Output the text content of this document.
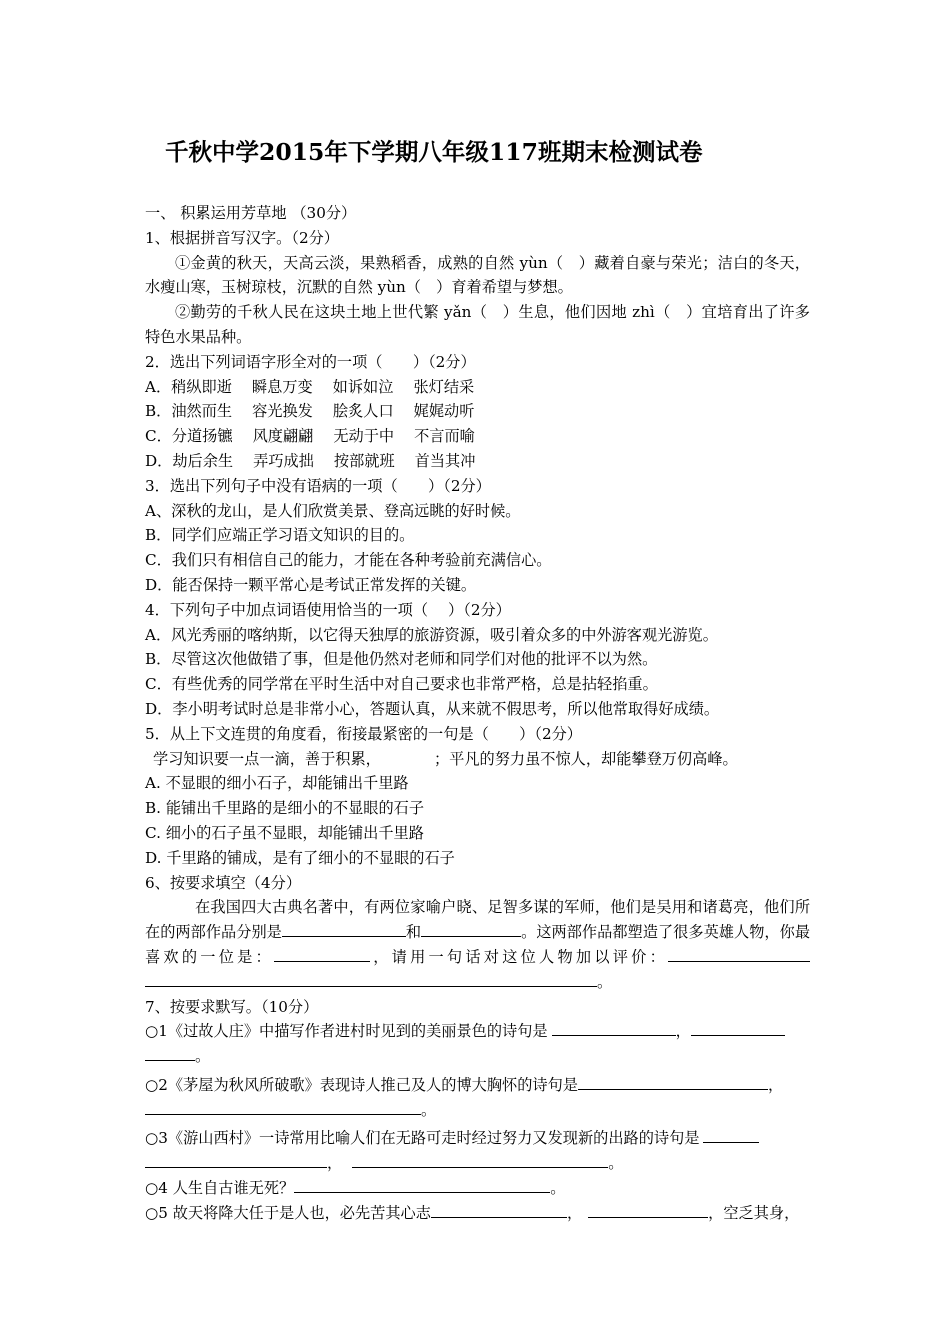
千秋中学2015年下学期八年级117班期末检测试卷
一、 积累运用芳草地 （30分）
1、根据拼音写汉字。（2分）
①金黄的秋天，天高云淡，果熟稻香，成熟的自然 yùn（　）藏着自豪与荣光；洁白的冬天，水瘦山寒，玉树琼枝，沉默的自然 yùn（　）育着希望与梦想。
②勤劳的千秋人民在这块土地上世代繁 yǎn（　）生息，他们因地 zhì（　）宜培育出了许多特色水果品种。
2．选出下列词语字形全对的一项（　　）（2分）
A．稍纵即逝　 瞬息万变　 如诉如泣　 张灯结采
B．油然而生　 容光换发　 脍炙人口　 娓娓动听
C．分道扬镳　 风度翩翩　 无动于中　 不言而喻
D．劫后余生　 弄巧成拙　 按部就班　 首当其冲
3．选出下列句子中没有语病的一项（　　）（2分）
A、深秋的龙山，是人们欣赏美景、登高远眺的好时候。
B．同学们应端正学习语文知识的目的。
C．我们只有相信自己的能力，才能在各种考验前充满信心。
D．能否保持一颗平常心是考试正常发挥的关键。
4．下列句子中加点词语使用恰当的一项（　 ）（2分）
A．风光秀丽的喀纳斯，以它得天独厚的旅游资源，吸引着众多的中外游客观光游览。
B．尽管这次他做错了事，但是他仍然对老师和同学们对他的批评不以为然。
C．有些优秀的同学常在平时生活中对自己要求也非常严格，总是拈轻掐重。
D．李小明考试时总是非常小心，答题认真，从来就不假思考，所以他常取得好成绩。
5．从上下文连贯的角度看，衔接最紧密的一句是（　　）（2分）
学习知识要一点一滴，善于积累，　　　　；平凡的努力虽不惊人，却能攀登万仞高峰。
A. 不显眼的细小石子，却能铺出千里路
B. 能铺出千里路的是细小的不显眼的石子
C. 细小的石子虽不显眼，却能铺出千里路
D. 千里路的铺成，是有了细小的不显眼的石子
6、按要求填空（4分）
在我国四大古典名著中，有两位家喻户晓、足智多谋的军师，他们是吴用和诸葛亮，他们所在的两部作品分别是	和	。这两部作品都塑造了很多英雄人物，你最喜欢的一位是：	，请用一句话对这位人物加以评价：。
7、按要求默写。（10分）
○1《过故人庄》中描写作者进村时见到的美丽景色的诗句是	，
。
○2《茅屋为秋风所破歌》表现诗人推己及人的博大胸怀的诗句是	，
。
○3《游山西村》一诗常用比喻人们在无路可走时经过努力又发现新的出路的诗句是
，	。
○4 人生自古谁无死？	。
○5 故天将降大任于是人也，必先苦其心志	，	，空乏其身，
